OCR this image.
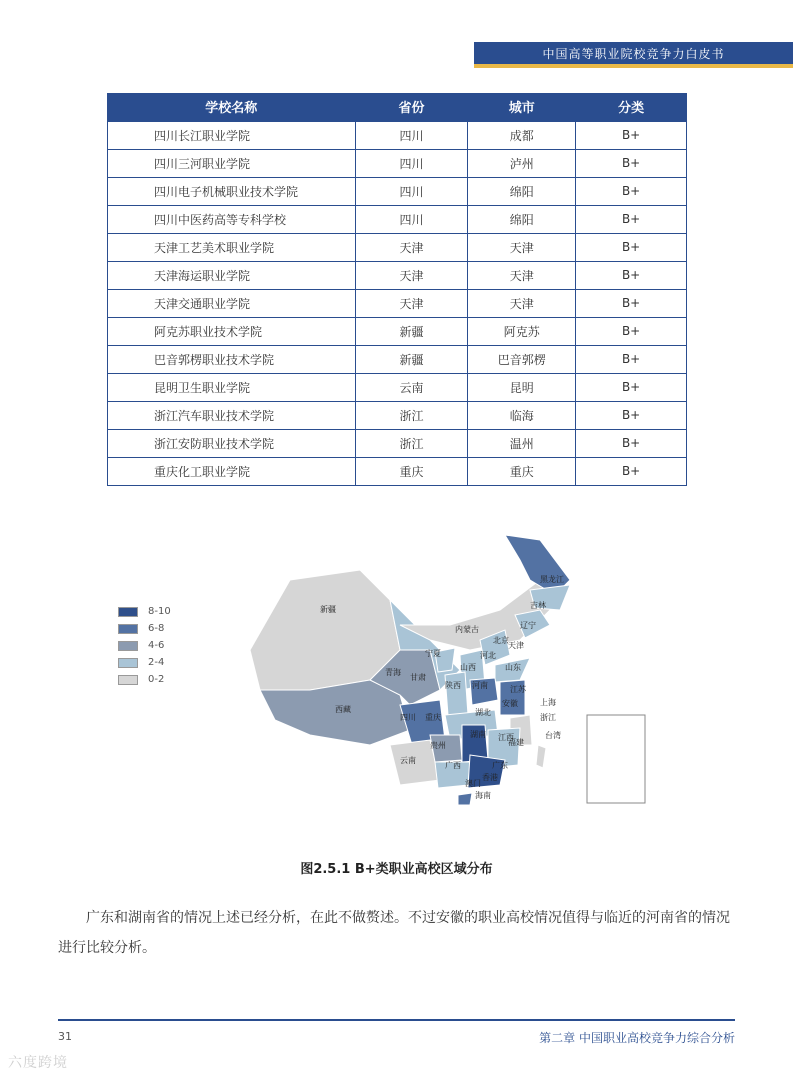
中国高等职业院校竞争力白皮书
学校名称	省份	城市	分类
四川长江职业学院	四川	成都	B+
四川三河职业学院	四川	泸州	B+
四川电子机械职业技术学院	四川	绵阳	B+
四川中医药高等专科学校	四川	绵阳	B+
天津工艺美术职业学院	天津	天津	B+
天津海运职业学院	天津	天津	B+
天津交通职业学院	天津	天津	B+
阿克苏职业技术学院	新疆	阿克苏	B+
巴音郭楞职业技术学院	新疆	巴音郭楞	B+
昆明卫生职业学院	云南	昆明	B+
浙江汽车职业技术学院	浙江	临海	B+
浙江安防职业技术学院	浙江	温州	B+
重庆化工职业学院	重庆	重庆	B+
黑龙江
吉林
辽宁
内蒙古
北京
天津
河北
山西	山东
宁夏
甘肃
青海
新疆
西藏
陕西 河南	江苏
安徽	上海
湖北
浙江
四川 重庆
湖南 江西
福建
台湾
贵州
云南
广西	广东
香港
澳门
海南
8-10
6-8
4-6
2-4
0-2
图2.5.1 B+类职业高校区域分布
广东和湖南省的情况上述已经分析，在此不做赘述。不过安徽的职业高校情况值得与临近的河南省的情况进行比较分析。
31	第二章 中国职业高校竞争力综合分析
六度跨境
